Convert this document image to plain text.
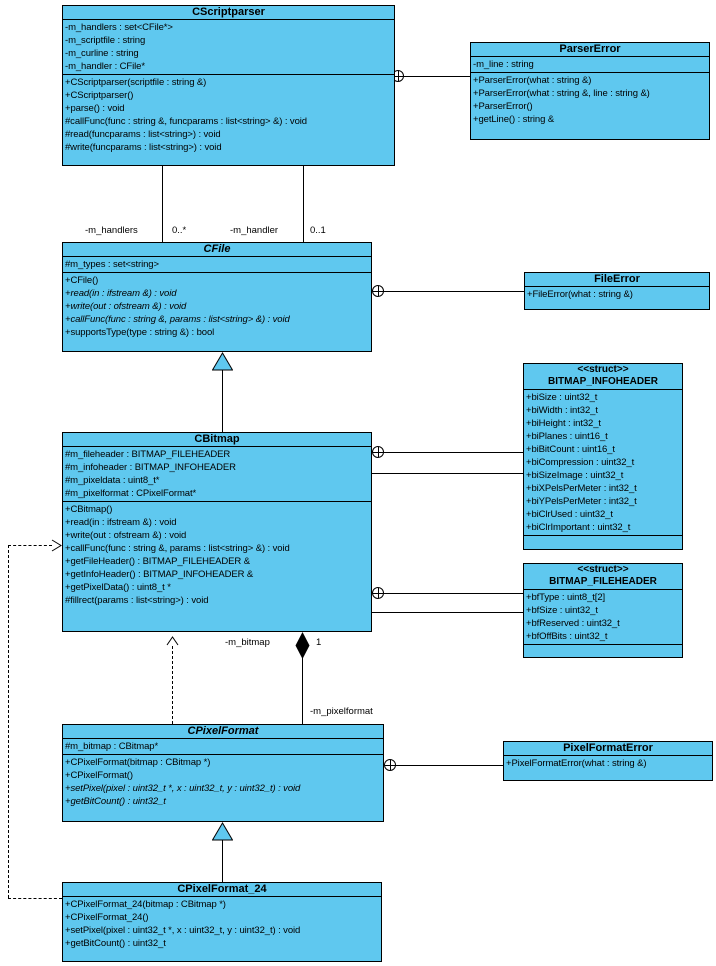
-m_handlers	0..*	-m_handler	0..1
-m_bitmap	1
-m_pixelformat
CScriptparser
-m_handlers : set<CFile*>
-m_scriptfile : string
-m_curline : string
-m_handler : CFile*
+CScriptparser(scriptfile : string &)
+CScriptparser()
+parse() : void
#callFunc(func : string &, funcparams : list<string> &) : void
#read(funcparams : list<string>) : void
#write(funcparams : list<string>) : void
ParserError
-m_line : string
+ParserError(what : string &)
+ParserError(what : string &, line : string &)
+ParserError()
+getLine() : string &
CFile
#m_types : set<string>
+CFile()
+read(in : ifstream &) : void
+write(out : ofstream &) : void
+callFunc(func : string &, params : list<string> &) : void
+supportsType(type : string &) : bool
FileError
+FileError(what : string &)
CBitmap
#m_fileheader : BITMAP_FILEHEADER
#m_infoheader : BITMAP_INFOHEADER
#m_pixeldata : uint8_t*
#m_pixelformat : CPixelFormat*
+CBitmap()
+read(in : ifstream &) : void
+write(out : ofstream &) : void
+callFunc(func : string &, params : list<string> &) : void
+getFileHeader() : BITMAP_FILEHEADER &
+getInfoHeader() : BITMAP_INFOHEADER &
+getPixelData() : uint8_t *
#fillrect(params : list<string>) : void
<<struct>>
BITMAP_INFOHEADER
+biSize : uint32_t
+biWidth : int32_t
+biHeight : int32_t
+biPlanes : uint16_t
+biBitCount : uint16_t
+biCompression : uint32_t
+biSizeImage : uint32_t
+biXPelsPerMeter : int32_t
+biYPelsPerMeter : int32_t
+biClrUsed : uint32_t
+biClrImportant : uint32_t
<<struct>>
BITMAP_FILEHEADER
+bfType : uint8_t[2]
+bfSize : uint32_t
+bfReserved : uint32_t
+bfOffBits : uint32_t
CPixelFormat
#m_bitmap : CBitmap*
+CPixelFormat(bitmap : CBitmap *)
+CPixelFormat()
+setPixel(pixel : uint32_t *, x : uint32_t, y : uint32_t) : void
+getBitCount() : uint32_t
PixelFormatError
+PixelFormatError(what : string &)
CPixelFormat_24
+CPixelFormat_24(bitmap : CBitmap *)
+CPixelFormat_24()
+setPixel(pixel : uint32_t *, x : uint32_t, y : uint32_t) : void
+getBitCount() : uint32_t
